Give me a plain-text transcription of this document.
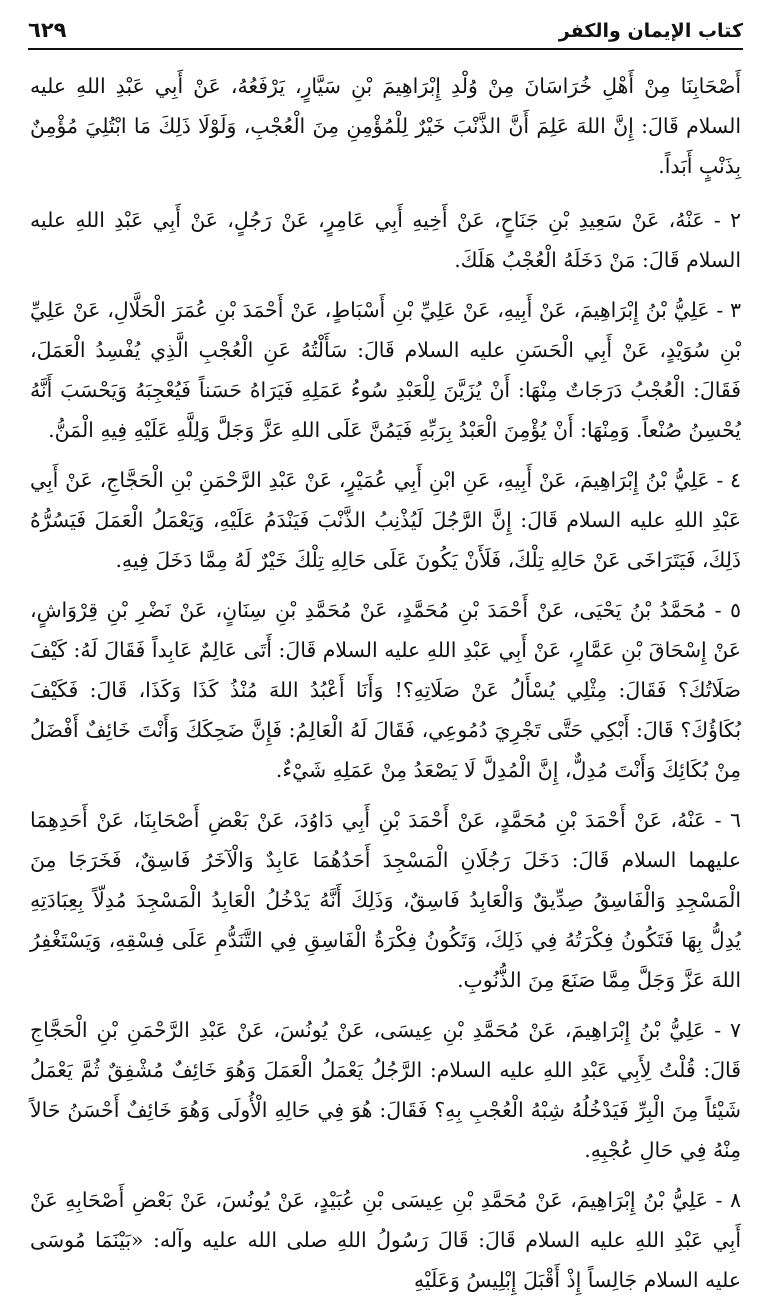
كتاب الإيمان والكفر
٦٢٩

أَصْحَابِنَا مِنْ أَهْلِ خُرَاسَانَ مِنْ وُلْدِ إِبْرَاهِيمَ بْنِ سَيَّارٍ، يَرْفَعُهُ، عَنْ أَبِي عَبْدِ اللهِ عليه السلام قَالَ: إِنَّ اللهَ عَلِمَ أَنَّ الذَّنْبَ خَيْرٌ لِلْمُؤْمِنِ مِنَ الْعُجْبِ، وَلَوْلَا ذَلِكَ مَا ابْتُلِيَ مُؤْمِنٌ بِذَنْبٍ أَبَداً.

٢ - عَنْهُ، عَنْ سَعِيدِ بْنِ جَنَاحٍ، عَنْ أَخِيهِ أَبِي عَامِرٍ، عَنْ رَجُلٍ، عَنْ أَبِي عَبْدِ اللهِ عليه السلام قَالَ: مَنْ دَخَلَهُ الْعُجْبُ هَلَكَ.

٣ - عَلِيُّ بْنُ إِبْرَاهِيمَ، عَنْ أَبِيهِ، عَنْ عَلِيِّ بْنِ أَسْبَاطٍ، عَنْ أَحْمَدَ بْنِ عُمَرَ الْحَلَّالِ، عَنْ عَلِيِّ بْنِ سُوَيْدٍ، عَنْ أَبِي الْحَسَنِ عليه السلام قَالَ: سَأَلْتُهُ عَنِ الْعُجْبِ الَّذِي يُفْسِدُ الْعَمَلَ، فَقَالَ: الْعُجْبُ دَرَجَاتٌ مِنْهَا: أَنْ يُزَيَّنَ لِلْعَبْدِ سُوءُ عَمَلِهِ فَيَرَاهُ حَسَناً فَيُعْجِبَهُ وَيَحْسَبَ أَنَّهُ يُحْسِنُ صُنْعاً. وَمِنْهَا: أَنْ يُؤْمِنَ الْعَبْدُ بِرَبِّهِ فَيَمُنَّ عَلَى اللهِ عَزَّ وَجَلَّ وَلِلَّهِ عَلَيْهِ فِيهِ الْمَنُّ.

٤ - عَلِيُّ بْنُ إِبْرَاهِيمَ، عَنْ أَبِيهِ، عَنِ ابْنِ أَبِي عُمَيْرٍ، عَنْ عَبْدِ الرَّحْمَنِ بْنِ الْحَجَّاجِ، عَنْ أَبِي عَبْدِ اللهِ عليه السلام قَالَ: إِنَّ الرَّجُلَ لَيُذْنِبُ الذَّنْبَ فَيَنْدَمُ عَلَيْهِ، وَيَعْمَلُ الْعَمَلَ فَيَسُرُّهُ ذَلِكَ، فَيَتَرَاخَى عَنْ حَالِهِ تِلْكَ، فَلَأَنْ يَكُونَ عَلَى حَالِهِ تِلْكَ خَيْرٌ لَهُ مِمَّا دَخَلَ فِيهِ.

٥ - مُحَمَّدُ بْنُ يَحْيَى، عَنْ أَحْمَدَ بْنِ مُحَمَّدٍ، عَنْ مُحَمَّدِ بْنِ سِنَانٍ، عَنْ نَضْرِ بْنِ قِرْوَاشٍ، عَنْ إِسْحَاقَ بْنِ عَمَّارٍ، عَنْ أَبِي عَبْدِ اللهِ عليه السلام قَالَ: أَتَى عَالِمٌ عَابِداً فَقَالَ لَهُ: كَيْفَ صَلَاتُكَ؟ فَقَالَ: مِثْلِي يُسْأَلُ عَنْ صَلَاتِهِ؟! وَأَنَا أَعْبُدُ اللهَ مُنْذُ كَذَا وَكَذَا، قَالَ: فَكَيْفَ بُكَاؤُكَ؟ قَالَ: أَبْكِي حَتَّى تَجْرِيَ دُمُوعِي، فَقَالَ لَهُ الْعَالِمُ: فَإِنَّ ضَحِكَكَ وَأَنْتَ خَائِفٌ أَفْضَلُ مِنْ بُكَائِكَ وَأَنْتَ مُدِلٌّ، إِنَّ الْمُدِلَّ لَا يَصْعَدُ مِنْ عَمَلِهِ شَيْءٌ.

٦ - عَنْهُ، عَنْ أَحْمَدَ بْنِ مُحَمَّدٍ، عَنْ أَحْمَدَ بْنِ أَبِي دَاوُدَ، عَنْ بَعْضِ أَصْحَابِنَا، عَنْ أَحَدِهِمَا عليهما السلام قَالَ: دَخَلَ رَجُلَانِ الْمَسْجِدَ أَحَدُهُمَا عَابِدٌ وَالْآخَرُ فَاسِقٌ، فَخَرَجَا مِنَ الْمَسْجِدِ وَالْفَاسِقُ صِدِّيقٌ وَالْعَابِدُ فَاسِقٌ، وَذَلِكَ أَنَّهُ يَدْخُلُ الْعَابِدُ الْمَسْجِدَ مُدِلّاً بِعِبَادَتِهِ يُدِلُّ بِهَا فَتَكُونُ فِكْرَتُهُ فِي ذَلِكَ، وَتَكُونُ فِكْرَةُ الْفَاسِقِ فِي التَّنَدُّمِ عَلَى فِسْقِهِ، وَيَسْتَغْفِرُ اللهَ عَزَّ وَجَلَّ مِمَّا صَنَعَ مِنَ الذُّنُوبِ.

٧ - عَلِيُّ بْنُ إِبْرَاهِيمَ، عَنْ مُحَمَّدِ بْنِ عِيسَى، عَنْ يُونُسَ، عَنْ عَبْدِ الرَّحْمَنِ بْنِ الْحَجَّاجِ قَالَ: قُلْتُ لِأَبِي عَبْدِ اللهِ عليه السلام: الرَّجُلُ يَعْمَلُ الْعَمَلَ وَهُوَ خَائِفٌ مُشْفِقٌ ثُمَّ يَعْمَلُ شَيْئاً مِنَ الْبِرِّ فَيَدْخُلُهُ شِبْهُ الْعُجْبِ بِهِ؟ فَقَالَ: هُوَ فِي حَالِهِ الْأُولَى وَهُوَ خَائِفٌ أَحْسَنُ حَالاً مِنْهُ فِي حَالِ عُجْبِهِ.

٨ - عَلِيُّ بْنُ إِبْرَاهِيمَ، عَنْ مُحَمَّدِ بْنِ عِيسَى بْنِ عُبَيْدٍ، عَنْ يُونُسَ، عَنْ بَعْضِ أَصْحَابِهِ عَنْ أَبِي عَبْدِ اللهِ عليه السلام قَالَ: قَالَ رَسُولُ اللهِ صلى الله عليه وآله: «بَيْنَمَا مُوسَى عليه السلام جَالِساً إِذْ أَقْبَلَ إِبْلِيسُ وَعَلَيْهِ
